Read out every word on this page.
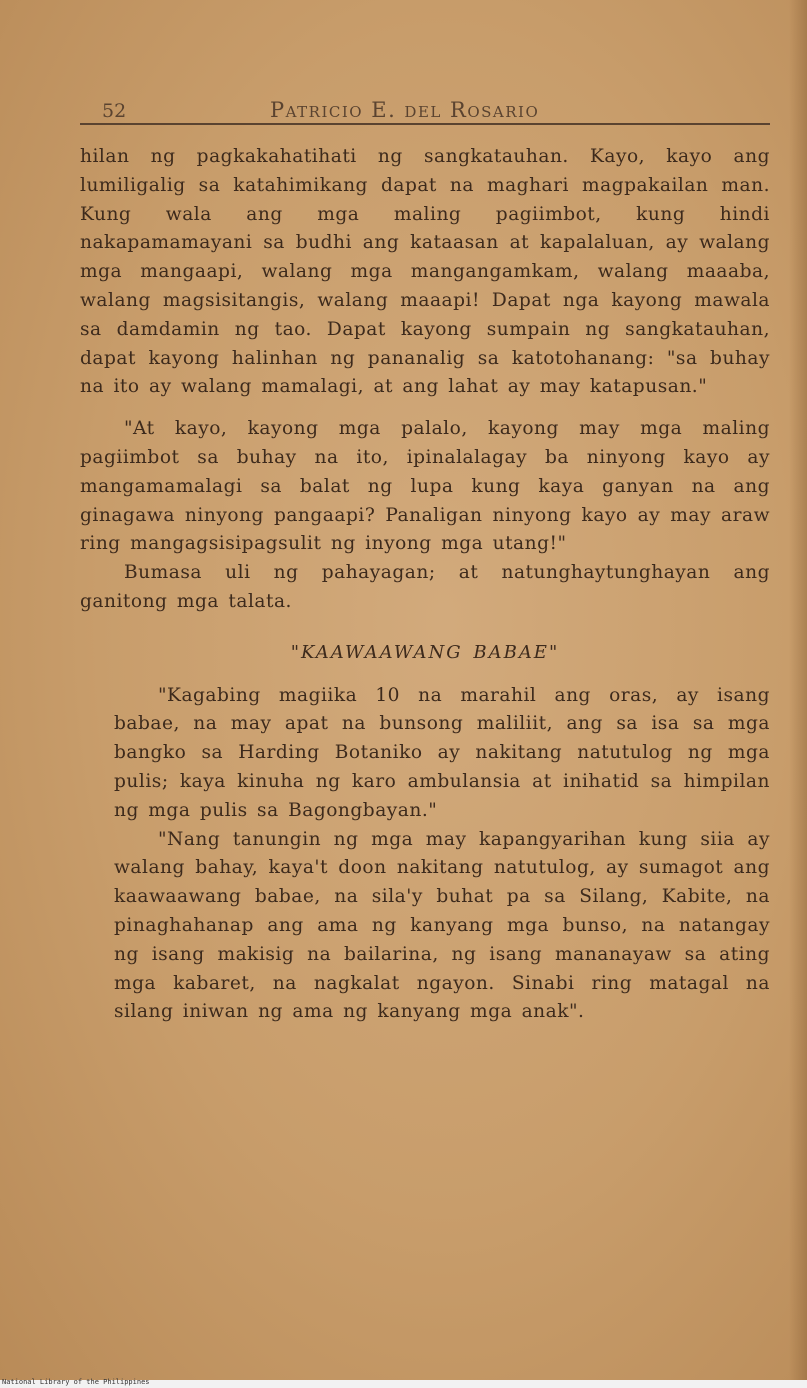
52	Patricio E. del Rosario

hilan ng pagkakahatihati ng sangkatauhan. Kayo, kayo ang lumiligalig sa katahimikang dapat na maghari magpakailan man. Kung wala ang mga maling pagiimbot, kung hindi nakapamamayani sa budhi ang kataasan at kapalaluan, ay walang mga mangaapi, walang mga mangangamkam, walang maaaba, walang magsisitangis, walang maaapi! Dapat nga kayong mawala sa damdamin ng tao. Dapat kayong sumpain ng sangkatauhan, dapat kayong halinhan ng pananalig sa katotohanang: "sa buhay na ito ay walang mamalagi, at ang lahat ay may katapusan."

"At kayo, kayong mga palalo, kayong may mga maling pagiimbot sa buhay na ito, ipinalalagay ba ninyong kayo ay mangamamalagi sa balat ng lupa kung kaya ganyan na ang ginagawa ninyong pangaapi? Panaligan ninyong kayo ay may araw ring mangagsisipagsulit ng inyong mga utang!"

Bumasa uli ng pahayagan; at natunghaytunghayan ang ganitong mga talata.

"KAAWAAWANG BABAE"

"Kagabing magiika 10 na marahil ang oras, ay isang babae, na may apat na bunsong maliliit, ang sa isa sa mga bangko sa Harding Botaniko ay nakitang natutulog ng mga pulis; kaya kinuha ng karo ambulansia at inihatid sa himpilan ng mga pulis sa Bagongbayan."

"Nang tanungin ng mga may kapangyarihan kung siia ay walang bahay, kaya't doon nakitang natutulog, ay sumagot ang kaawaawang babae, na sila'y buhat pa sa Silang, Kabite, na pinaghahanap ang ama ng kanyang mga bunso, na natangay ng isang makisig na bailarina, ng isang mananayaw sa ating mga kabaret, na nagkalat ngayon. Sinabi ring matagal na silang iniwan ng ama ng kanyang mga anak".

National Library of the Philippines
